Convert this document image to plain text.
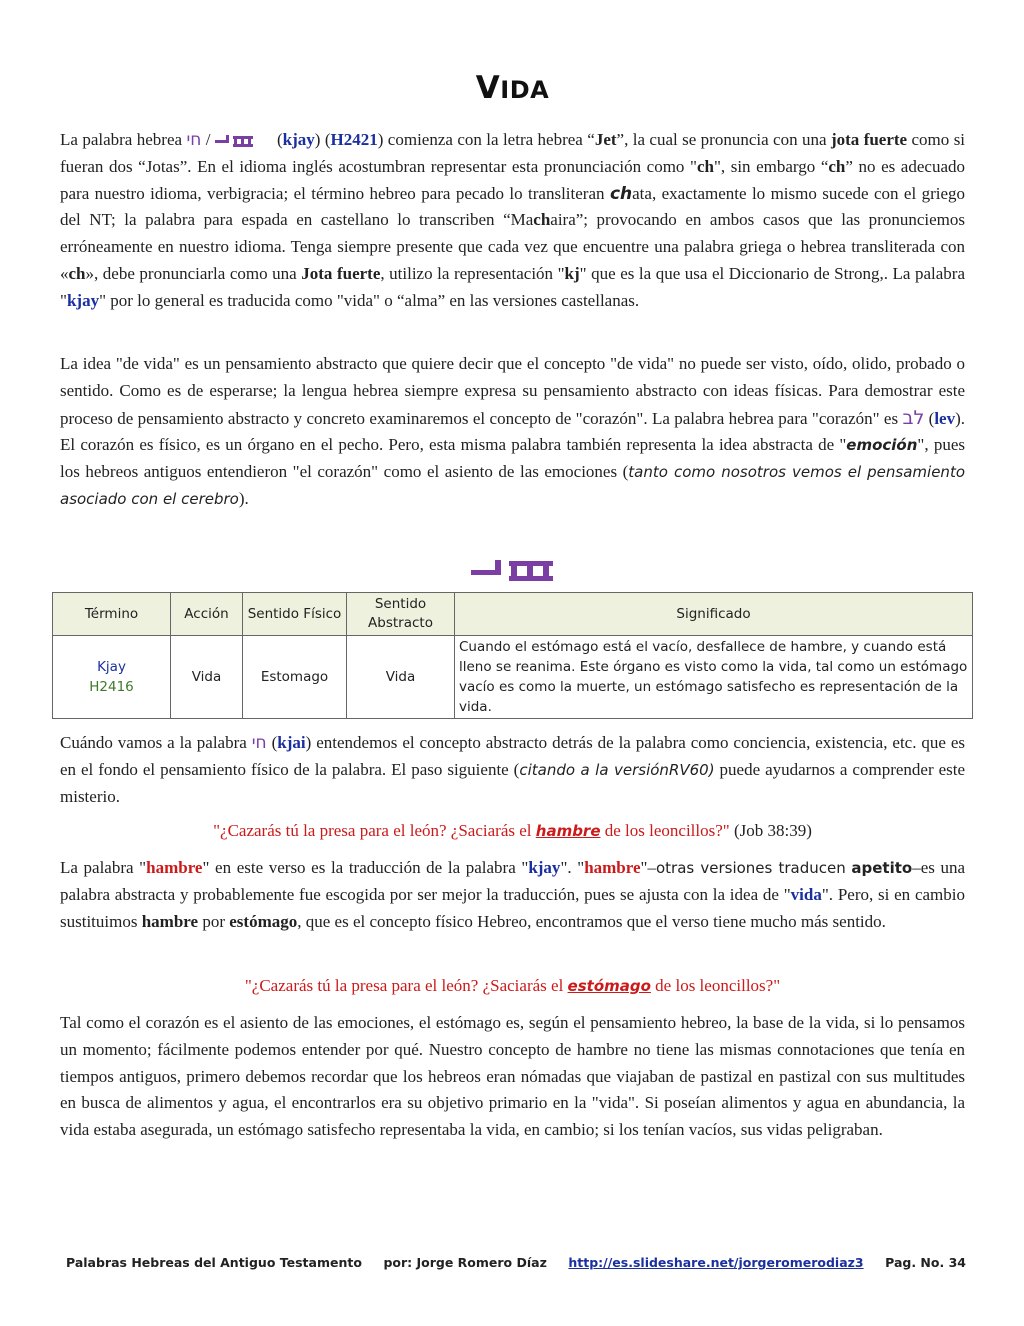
VIDA

La palabra hebrea חי /	(kjay) (H2421) comienza con la letra hebrea “Jet”, la cual se pronuncia con una jota fuerte como si fueran dos “Jotas”. En el idioma inglés acostumbran representar esta pronunciación como "ch", sin embargo “ch” no es adecuado para nuestro idioma, verbigracia; el término hebreo para pecado lo transliteran chata, exactamente lo mismo sucede con el griego del NT; la palabra para espada en castellano lo transcriben “Machaira”; provocando en ambos casos que las pronunciemos erróneamente en nuestro idioma. Tenga siempre presente que cada vez que encuentre una palabra griega o hebrea transliterada con «ch», debe pronunciarla como una Jota fuerte, utilizo la representación "kj" que es la que usa el Diccionario de Strong,. La palabra "kjay" por lo general es traducida como "vida" o “alma” en las versiones castellanas.

La idea "de vida" es un pensamiento abstracto que quiere decir que el concepto "de vida" no puede ser visto, oído, olido, probado o sentido. Como es de esperarse; la lengua hebrea siempre expresa su pensamiento abstracto con ideas físicas. Para demostrar este proceso de pensamiento abstracto y concreto examinaremos el concepto de "corazón". La palabra hebrea para "corazón" es לב (lev). El corazón es físico, es un órgano en el pecho. Pero, esta misma palabra también representa la idea abstracta de "emoción", pues los hebreos antiguos entendieron "el corazón" como el asiento de las emociones (tanto como nosotros vemos el pensamiento asociado con el cerebro).

Término	Acción	Sentido Físico	Sentido Abstracto	Significado

Kjay
H2416	Vida	Estomago	Vida	Cuando el estómago está el vacío, desfallece de hambre, y cuando está lleno se reanima. Este órgano es visto como la vida, tal como un estómago vacío es como la muerte, un estómago satisfecho es representación de la vida.

Cuándo vamos a la palabra חי (kjai) entendemos el concepto abstracto detrás de la palabra como conciencia, existencia, etc. que es en el fondo el pensamiento físico de la palabra. El paso siguiente (citando a la versiónRV60) puede ayudarnos a comprender este misterio.

"¿Cazarás tú la presa para el león? ¿Saciarás el hambre de los leoncillos?" (Job 38:39)

La palabra "hambre" en este verso es la traducción de la palabra "kjay". "hambre"–otras versiones traducen apetito–es una palabra abstracta y probablemente fue escogida por ser mejor la traducción, pues se ajusta con la idea de "vida". Pero, si en cambio sustituimos hambre por estómago, que es el concepto físico Hebreo, encontramos que el verso tiene mucho más sentido.

"¿Cazarás tú la presa para el león? ¿Saciarás el estómago de los leoncillos?"

Tal como el corazón es el asiento de las emociones, el estómago es, según el pensamiento hebreo, la base de la vida, si lo pensamos un momento; fácilmente podemos entender por qué. Nuestro concepto de hambre no tiene las mismas connotaciones que tenía en tiempos antiguos, primero debemos recordar que los hebreos eran nómadas que viajaban de pastizal en pastizal con sus multitudes en busca de alimentos y agua, el encontrarlos era su objetivo primario en la "vida". Si poseían alimentos y agua en abundancia, la vida estaba asegurada, un estómago satisfecho representaba la vida, en cambio; si los tenían vacíos, sus vidas peligraban.

Palabras Hebreas del Antiguo Testamento por: Jorge Romero Díaz http://es.slideshare.net/jorgeromerodiaz3 Pag. No. 34
